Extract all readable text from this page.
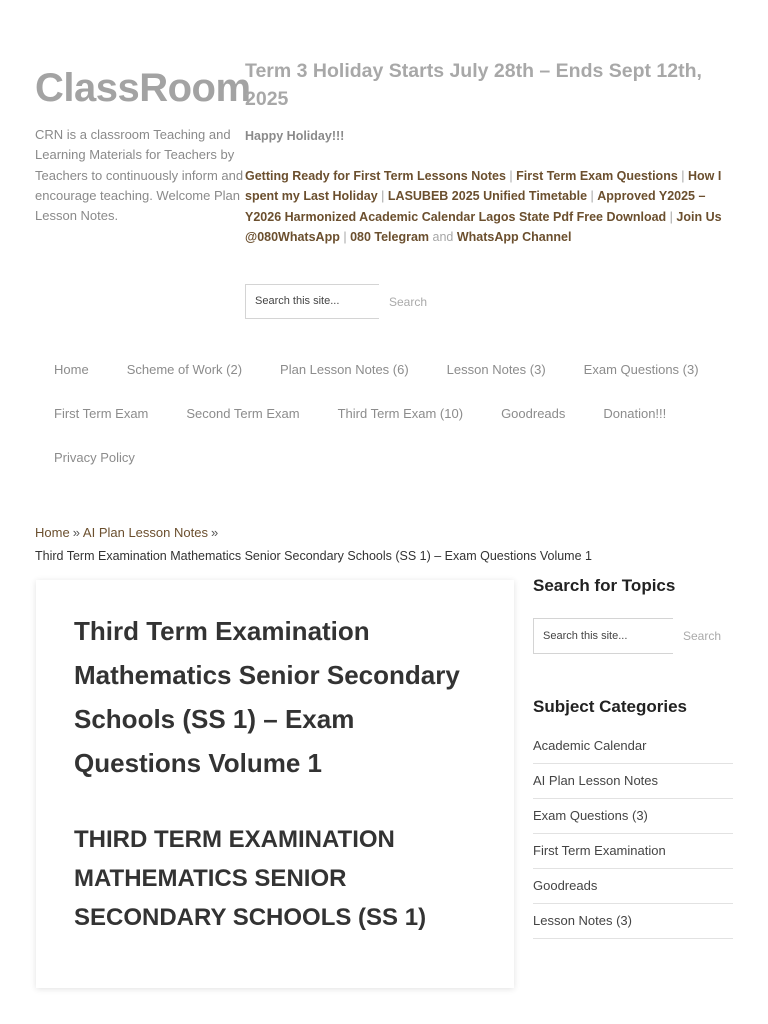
ClassRoom
CRN is a classroom Teaching and Learning Materials for Teachers by Teachers to continuously inform and encourage teaching. Welcome Plan Lesson Notes.
Term 3 Holiday Starts July 28th – Ends Sept 12th, 2025
Happy Holiday!!!
Getting Ready for First Term Lessons Notes | First Term Exam Questions | How I spent my Last Holiday | LASUBEB 2025 Unified Timetable | Approved Y2025 – Y2026 Harmonized Academic Calendar Lagos State Pdf Free Download | Join Us @080WhatsApp | 080 Telegram and WhatsApp Channel
Search this site...	Search
Home	Scheme of Work (2)	Plan Lesson Notes (6)	Lesson Notes (3)	Exam Questions (3)
First Term Exam	Second Term Exam	Third Term Exam (10)	Goodreads	Donation!!!
Privacy Policy
Home » AI Plan Lesson Notes »
Third Term Examination Mathematics Senior Secondary Schools (SS 1) – Exam Questions Volume 1
Third Term Examination Mathematics Senior Secondary Schools (SS 1) – Exam Questions Volume 1
THIRD TERM EXAMINATION MATHEMATICS SENIOR SECONDARY SCHOOLS (SS 1)
Search for Topics
Search this site...	Search
Subject Categories
Academic Calendar
AI Plan Lesson Notes
Exam Questions (3)
First Term Examination
Goodreads
Lesson Notes (3)
